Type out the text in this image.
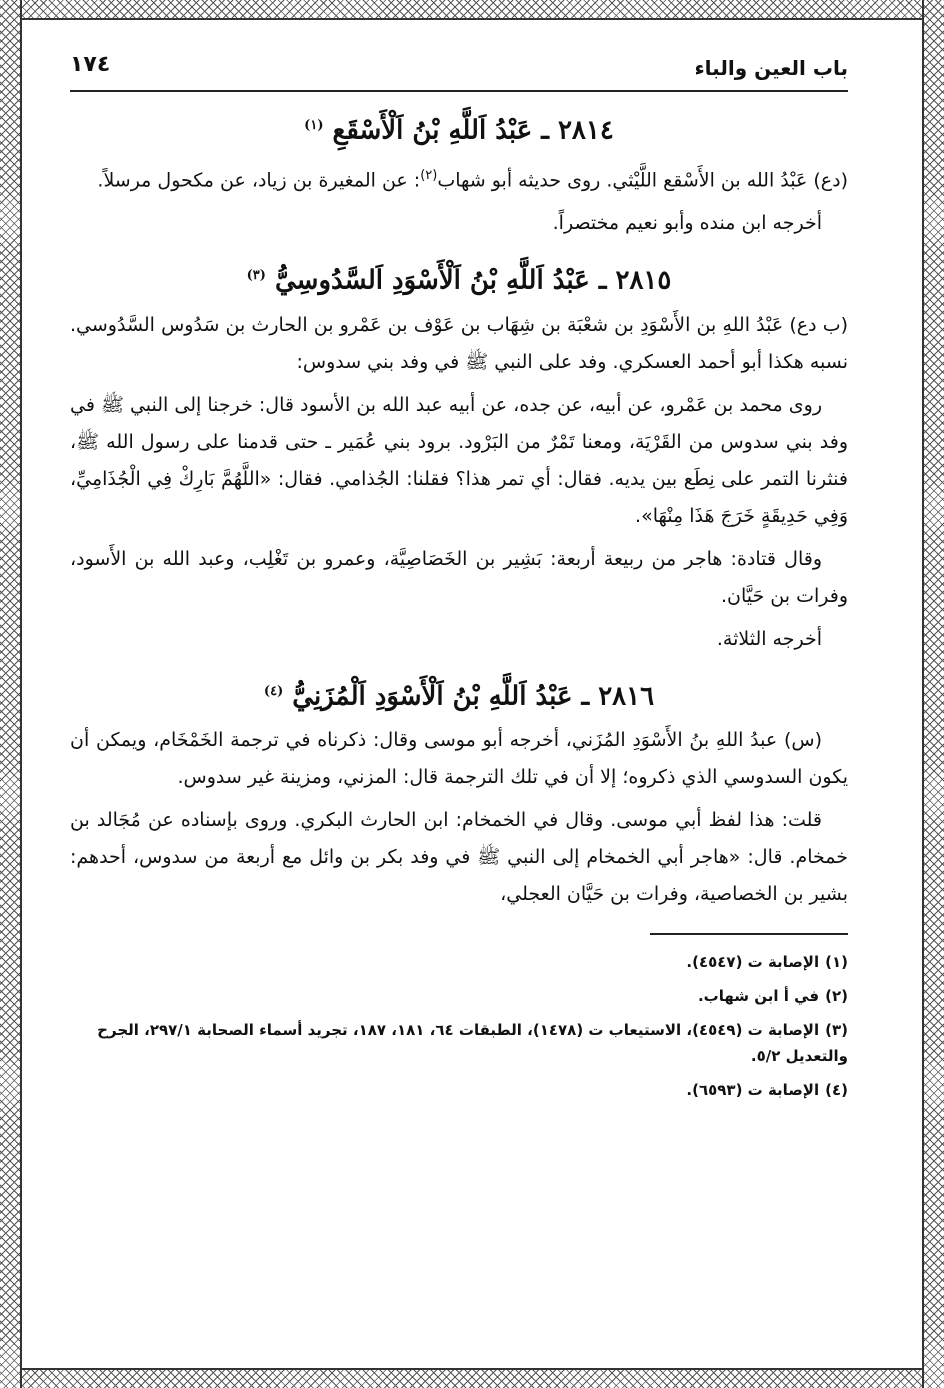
باب العين والباء
١٧٤
٢٨١٤ ـ عَبْدُ اَللَّهِ بْنُ اَلْأَسْقَعِ $^{(١)}$

(دع) عَبْدُ الله بن الأَسْقع اللَّيْثي. روى حديثه أبو شهاب$^{(٢)}$: عن المغيرة بن زياد، عن مكحول مرسلاً.

أخرجه ابن منده وأبو نعيم مختصراً.

٢٨١٥ ـ عَبْدُ اَللَّهِ بْنُ اَلْأَسْوَدِ اَلسَّدُوسِيُّ $^{(٣)}$

(ب دع) عَبْدُ اللهِ بن الأَسْوَدِ بن شعْبَة بن شِهَاب بن عَوْف بن عَمْرو بن الحارث بن سَدُوس السَّدُوسي. نسبه هكذا أبو أحمد العسكري. وفد على النبي ﷺ في وفد بني سدوس:

روى محمد بن عَمْرو، عن أبيه، عن جده، عن أبيه عبد الله بن الأسود قال: خرجنا إلى النبي ﷺ في وفد بني سدوس من القَرْيَة، ومعنا تَمْرٌ من البَرْود. برود بني عُمَير ـ حتى قدمنا على رسول الله ﷺ، فنثرنا التمر على نِطَع بين يديه. فقال: أي تمر هذا؟ فقلنا: الجُذامي. فقال: «اللَّهُمَّ بَارِكْ فِي الْجُذَامِيِّ، وَفِي حَدِيقَةٍ خَرَجَ هَذَا مِنْهَا».

وقال قتادة: هاجر من ربيعة أربعة: بَشِير بن الخَصَاصِيَّة، وعمرو بن تَغْلِب، وعبد الله بن الأَسود، وفرات بن حَيَّان.

أخرجه الثلاثة.

٢٨١٦ ـ عَبْدُ اَللَّهِ بْنُ اَلْأَسْوَدِ اَلْمُزَنِيُّ $^{(٤)}$

(س) عبدُ اللهِ بنُ الأَسْوَدِ المُزَني، أخرجه أبو موسى وقال: ذكرناه في ترجمة الخَمْخَام، ويمكن أن يكون السدوسي الذي ذكروه؛ إلا أن في تلك الترجمة قال: المزني، ومزينة غير سدوس.

قلت: هذا لفظ أبي موسى. وقال في الخمخام: ابن الحارث البكري. وروى بإسناده عن مُجَالد بن خمخام. قال: «هاجر أبي الخمخام إلى النبي ﷺ في وفد بكر بن وائل مع أربعة من سدوس، أحدهم: بشير بن الخصاصية، وفرات بن حَيَّان العجلي،

(١)الإصابة ت (٤٥٤٧).

(٢)في أ ابن شهاب.

(٣)الإصابة ت (٤٥٤٩)، الاستيعاب ت (١٤٧٨)، الطبقات ٦٤، ١٨١، ١٨٧، تجريد أسماء الصحابة ٢٩٧/١، الجرح والتعديل ٥/٢.

(٤)الإصابة ت (٦٥٩٣).
